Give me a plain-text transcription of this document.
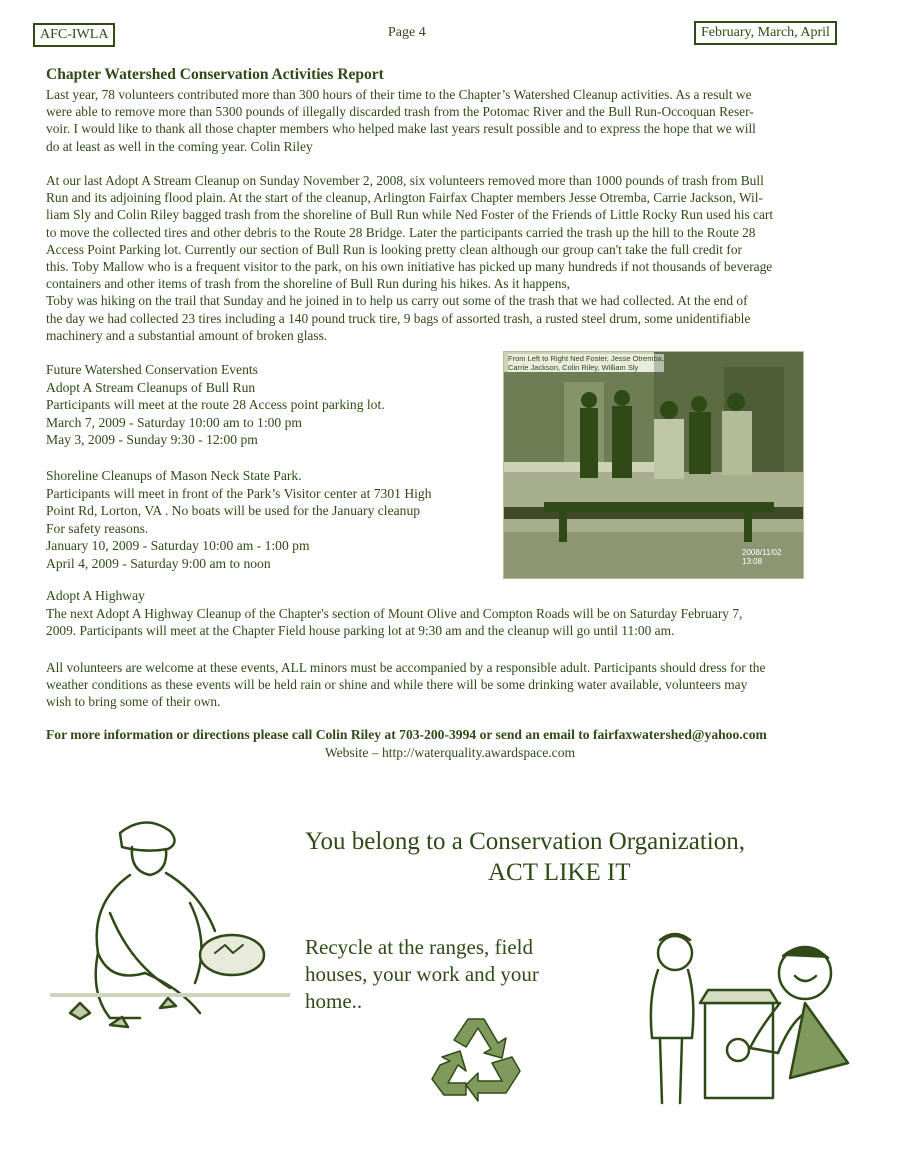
AFC-IWLA	Page 4	February, March, April
Chapter Watershed Conservation Activities Report
Last year, 78 volunteers contributed more than 300 hours of their time to the Chapter’s Watershed Cleanup activities. As a result we
were able to remove more than 5300 pounds of illegally discarded trash from the Potomac River and the Bull Run-Occoquan Reser-
voir. I would like to thank all those chapter members who helped make last years result possible and to express the hope that we will
do at least as well in the coming year. Colin Riley
At our last Adopt A Stream Cleanup on Sunday November 2, 2008, six volunteers removed more than 1000 pounds of trash from Bull
Run and its adjoining flood plain. At the start of the cleanup, Arlington Fairfax Chapter members Jesse Otremba, Carrie Jackson, Wil-
liam Sly and Colin Riley bagged trash from the shoreline of Bull Run while Ned Foster of the Friends of Little Rocky Run used his cart
to move the collected tires and other debris to the Route 28 Bridge. Later the participants carried the trash up the hill to the Route 28
Access Point Parking lot. Currently our section of Bull Run is looking pretty clean although our group can't take the full credit for
this. Toby Mallow who is a frequent visitor to the park, on his own initiative has picked up many hundreds if not thousands of beverage
containers and other items of trash from the shoreline of Bull Run during his hikes. As it happens,
Toby was hiking on the trail that Sunday and he joined in to help us carry out some of the trash that we had collected. At the end of
the day we had collected 23 tires including a 140 pound truck tire, 9 bags of assorted trash, a rusted steel drum, some unidentifiable
machinery and a substantial amount of broken glass.
Future Watershed Conservation Events
Adopt A Stream Cleanups of Bull Run
Participants will meet at the route 28 Access point parking lot.
March 7, 2009 - Saturday 10:00 am to 1:00 pm
May 3, 2009 - Sunday 9:30 - 12:00 pm
Shoreline Cleanups of Mason Neck State Park.
Participants will meet in front of the Park’s Visitor center at 7301 High
Point Rd, Lorton, VA . No boats will be used for the January cleanup
For safety reasons.
January 10, 2009 - Saturday 10:00 am - 1:00 pm
April 4, 2009 - Saturday 9:00 am to noon
From Left to Right Ned Foster, Jesse Otremba,
Carrie Jackson, Colin Riley, William Sly
2008/11/02 13:08
Adopt A Highway
The next Adopt A Highway Cleanup of the Chapter's section of Mount Olive and Compton Roads will be on Saturday February 7,
2009. Participants will meet at the Chapter Field house parking lot at 9:30 am and the cleanup will go until 11:00 am.
All volunteers are welcome at these events, ALL minors must be accompanied by a responsible adult. Participants should dress for the
weather conditions as these events will be held rain or shine and while there will be some drinking water available, volunteers may
wish to bring some of their own.
For more information or directions please call Colin Riley at 703-200-3994 or send an email to fairfaxwatershed@yahoo.com
Website – http://waterquality.awardspace.com
You belong to a Conservation Organization,
ACT LIKE IT
Recycle at the ranges, field
houses, your work and your
home..
